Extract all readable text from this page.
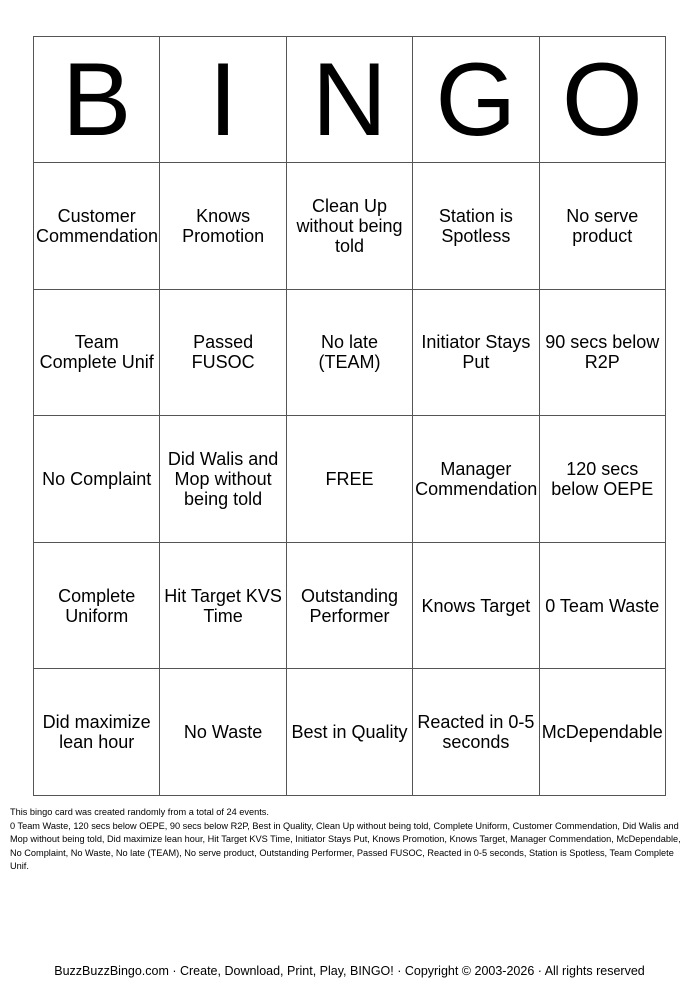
B	I	N	G	O
Customer Commendation	Knows Promotion	Clean Up without being told	Station is Spotless	No serve product
Team Complete Unif	Passed FUSOC	No late (TEAM)	Initiator Stays Put	90 secs below R2P
No Complaint	Did Walis and Mop without being told	FREE	Manager Commendation	120 secs below OEPE
Complete Uniform	Hit Target KVS Time	Outstanding Performer	Knows Target	0 Team Waste
Did maximize lean hour	No Waste	Best in Quality	Reacted in 0-5 seconds	McDependable

This bingo card was created randomly from a total of 24 events.

0 Team Waste, 120 secs below OEPE, 90 secs below R2P, Best in Quality, Clean Up without being told, Complete Uniform, Customer Commendation, Did Walis and Mop without being told, Did maximize lean hour, Hit Target KVS Time, Initiator Stays Put, Knows Promotion, Knows Target, Manager Commendation, McDependable, No Complaint, No Waste, No late (TEAM), No serve product, Outstanding Performer, Passed FUSOC, Reacted in 0-5 seconds, Station is Spotless, Team Complete Unif.

BuzzBuzzBingo.com · Create, Download, Print, Play, BINGO! · Copyright © 2003-2026 · All rights reserved
